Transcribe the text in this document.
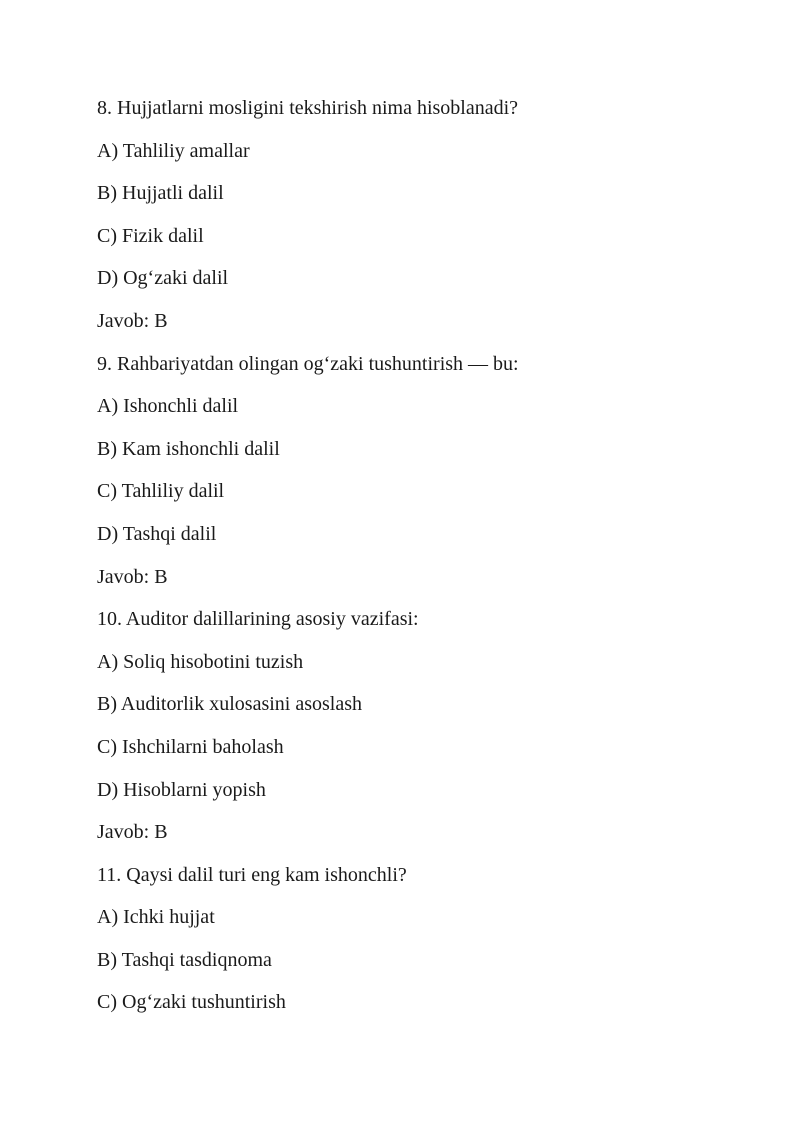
8. Hujjatlarni mosligini tekshirish nima hisoblanadi?
A) Tahliliy amallar
B) Hujjatli dalil
C) Fizik dalil
D) Og‘zaki dalil
Javob: B
9. Rahbariyatdan olingan og‘zaki tushuntirish — bu:
A) Ishonchli dalil
B) Kam ishonchli dalil
C) Tahliliy dalil
D) Tashqi dalil
Javob: B
10. Auditor dalillarining asosiy vazifasi:
A) Soliq hisobotini tuzish
B) Auditorlik xulosasini asoslash
C) Ishchilarni baholash
D) Hisoblarni yopish
Javob: B
11. Qaysi dalil turi eng kam ishonchli?
A) Ichki hujjat
B) Tashqi tasdiqnoma
C) Og‘zaki tushuntirish
